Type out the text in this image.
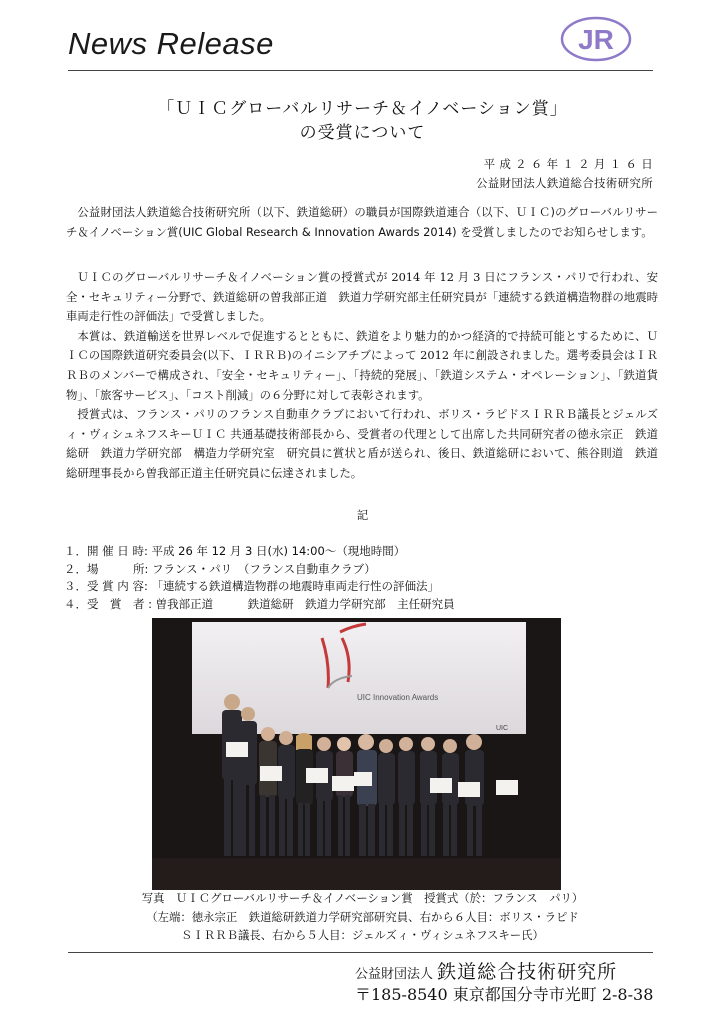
News Release	JR
「ＵＩＣグローバルリサーチ＆イノベーション賞」
の受賞について
平 成 ２ ６ 年 １ ２ 月 １ ６ 日
公益財団法人鉄道総合技術研究所

公益財団法人鉄道総合技術研究所（以下、鉄道総研）の職員が国際鉄道連合（以下、ＵＩＣ)のグローバルリサーチ＆イノベーション賞(UIC Global Research & Innovation Awards 2014) を受賞しましたのでお知らせします。

ＵＩＣのグローバルリサーチ＆イノベーション賞の授賞式が 2014 年 12 月 3 日にフランス・パリで行われ、安全・セキュリティー分野で、鉄道総研の曽我部正道　鉄道力学研究部主任研究員が「連続する鉄道構造物群の地震時車両走行性の評価法」で受賞しました。

本賞は、鉄道輸送を世界レベルで促進するとともに、鉄道をより魅力的かつ経済的で持続可能とするために、ＵＩＣの国際鉄道研究委員会(以下、ＩＲＲＢ)のイニシアチブによって 2012 年に創設されました。選考委員会はＩＲＲＢのメンバーで構成され、「安全・セキュリティー」、「持続的発展」、「鉄道システム・オペレーション」、「鉄道貨物」、「旅客サービス」、「コスト削減」の６分野に対して表彰されます。

授賞式は、フランス・パリのフランス自動車クラブにおいて行われ、ボリス・ラピドスＩＲＲＢ議長とジェルズィ・ヴィシュネフスキーＵＩＣ 共通基礎技術部長から、受賞者の代理として出席した共同研究者の徳永宗正　鉄道総研　鉄道力学研究部　構造力学研究室　研究員に賞状と盾が送られ、後日、鉄道総研において、熊谷則道　鉄道総研理事長から曽我部正道主任研究員に伝達されました。

記
１．開 催 日 時: 平成 26 年 12 月 3 日(水) 14:00～（現地時間）
２．場　　　所: フランス・パリ　（フランス自動車クラブ）
３．受 賞 内 容: 「連続する鉄道構造物群の地震時車両走行性の評価法」
４．受　賞　者 : 曽我部正道　　　鉄道総研　鉄道力学研究部　主任研究員
UIC Innovation Awards
UIC
写真　ＵＩＣグローバルリサーチ＆イノベーション賞　授賞式（於：フランス　パリ）
（左端：徳永宗正　鉄道総研鉄道力学研究部研究員、右から６人目：ボリス・ラピド
ＳＩＲＲＢ議長、右から５人目：ジェルズィ・ヴィシュネフスキー氏）
公益財団法人 鉄道総合技術研究所
〒185-8540 東京都国分寺市光町 2-8-38
